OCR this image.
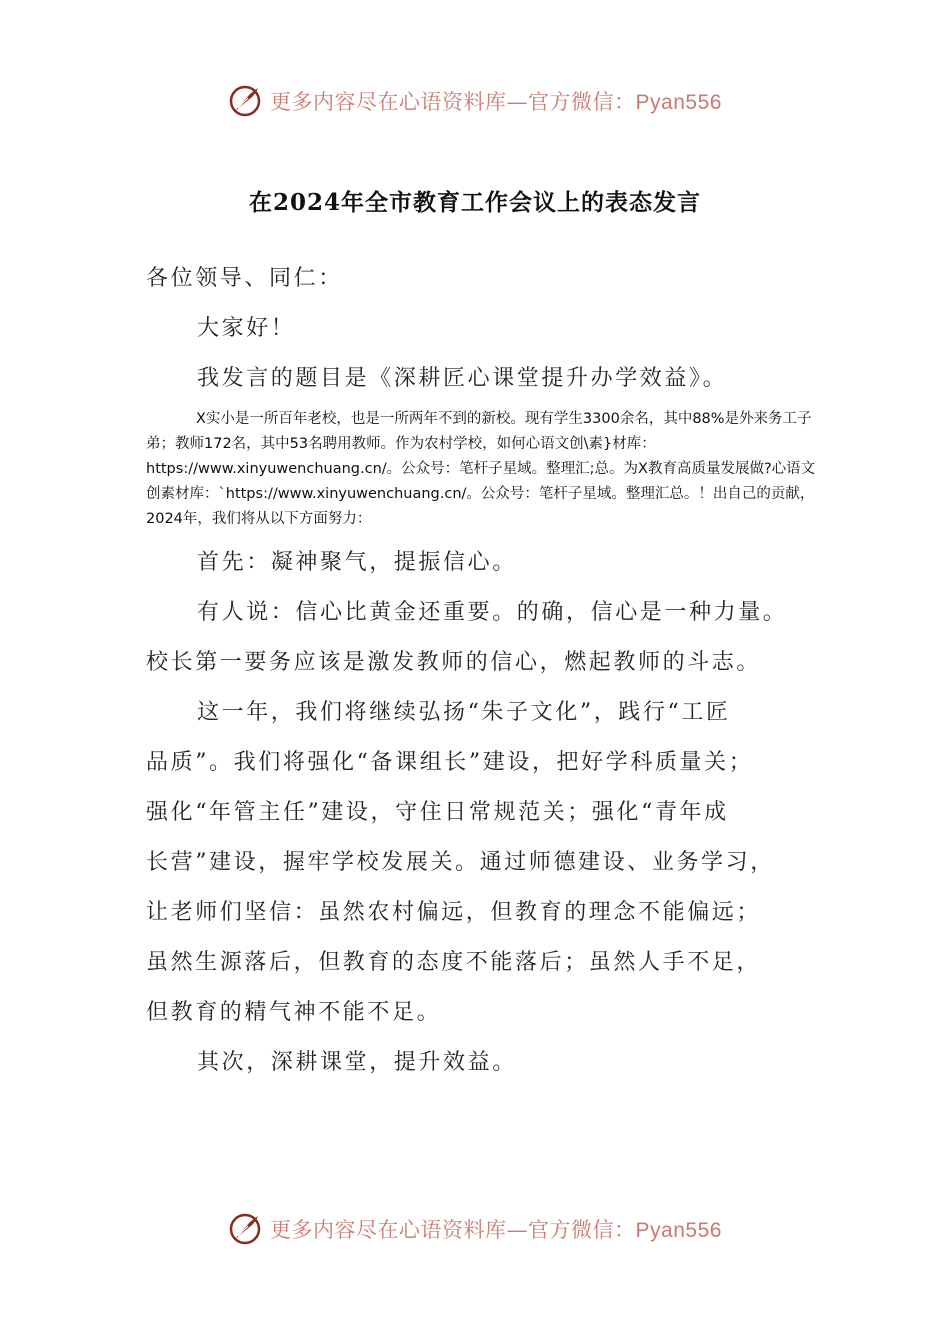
更多内容尽在心语资料库—官方微信：Pyan556
在2024年全市教育工作会议上的表态发言

各位领导、同仁：

大家好！

我发言的题目是《深耕匠心课堂提升办学效益》。

X实小是一所百年老校，也是一所两年不到的新校。现有学生3300余名，其中88%是外来务工子弟；教师172名，其中53名聘用教师。作为农村学校，如何心语文创\素}材库：https://www.xinyuwenchuang.cn/。公众号：笔杆子星域。整理汇;总。为X教育高质量发展做?心语文创素材库：`https://www.xinyuwenchuang.cn/。公众号：笔杆子星域。整理汇总。！出自己的贡献，2024年，我们将从以下方面努力：

首先：凝神聚气，提振信心。

有人说：信心比黄金还重要。的确，信心是一种力量。
校长第一要务应该是激发教师的信心，燃起教师的斗志。

这一年，我们将继续弘扬“朱子文化”，践行“工匠
品质”。我们将强化“备课组长”建设，把好学科质量关；
强化“年管主任”建设，守住日常规范关；强化“青年成
长营”建设，握牢学校发展关。通过师德建设、业务学习，
让老师们坚信：虽然农村偏远，但教育的理念不能偏远；
虽然生源落后，但教育的态度不能落后；虽然人手不足，
但教育的精气神不能不足。

其次，深耕课堂，提升效益。

更多内容尽在心语资料库—官方微信：Pyan556
